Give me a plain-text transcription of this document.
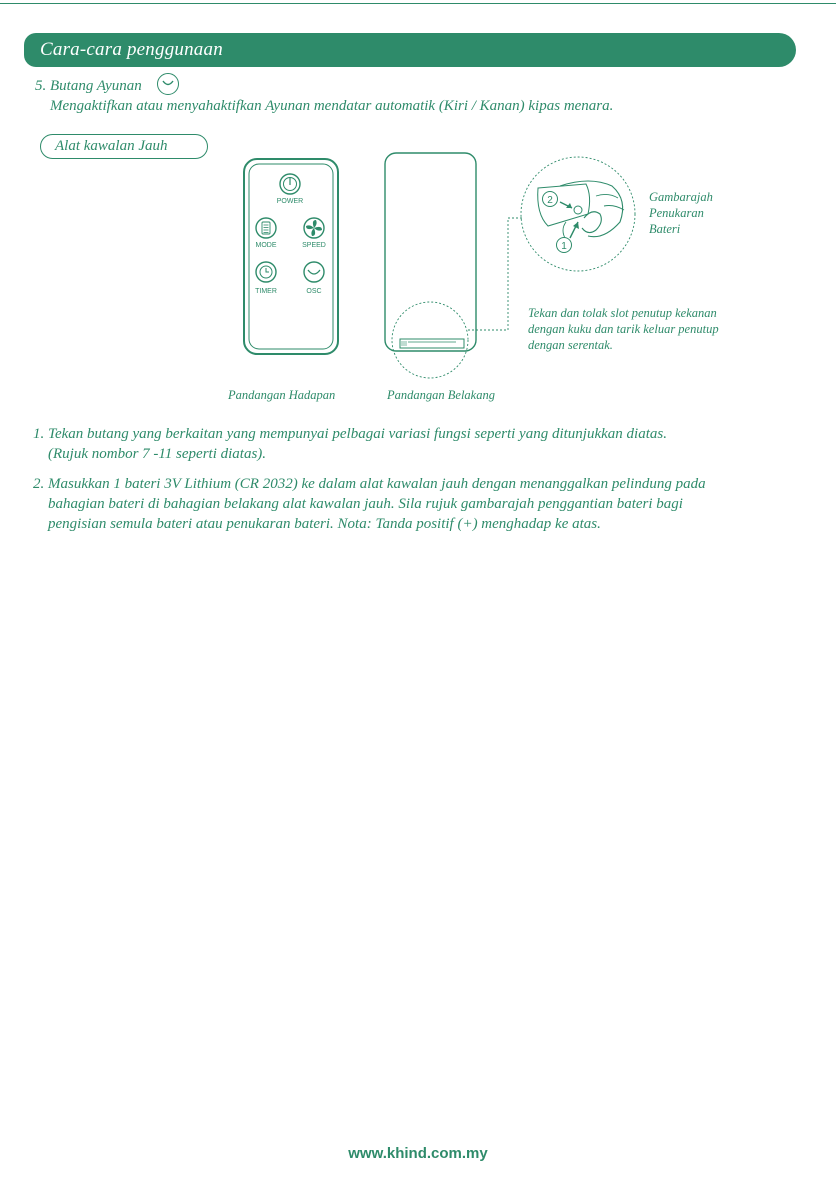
Cara-cara penggunaan
5. Butang Ayunan
Mengaktifkan atau menyahaktifkan Ayunan mendatar automatik (Kiri / Kanan) kipas menara.
Alat kawalan Jauh
POWER
MODE	SPEED
TIMER	OSC
2
1
Gambarajah
Penukaran
Bateri
Tekan dan tolak slot penutup kekanan
dengan kuku dan tarik keluar penutup
dengan serentak.
Pandangan Hadapan	Pandangan Belakang
1. Tekan butang yang berkaitan yang mempunyai pelbagai variasi fungsi seperti yang ditunjukkan diatas.
(Rujuk nombor 7 -11 seperti diatas).
2. Masukkan 1 bateri 3V Lithium (CR 2032) ke dalam alat kawalan jauh dengan menanggalkan pelindung pada
bahagian bateri di bahagian belakang alat kawalan jauh. Sila rujuk gambarajah penggantian bateri bagi
pengisian semula bateri atau penukaran bateri. Nota: Tanda positif (+) menghadap ke atas.
www.khind.com.my
